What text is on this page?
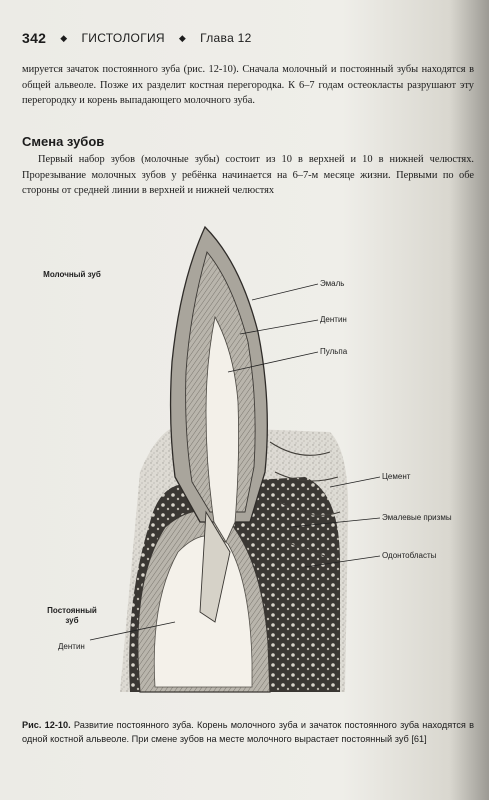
342 ◆ ГИСТОЛОГИЯ ◆ Глава 12
мируется зачаток постоянного зуба (рис. 12-10). Сначала молочный и постоянный зубы находятся в общей альвеоле. Позже их разделит костная перегородка. К 6–7 годам остеокласты разрушают эту перегородку и корень выпадающего молочного зуба.
Смена зубов
Первый набор зубов (молочные зубы) состоит из 10 в верхней и 10 в нижней челюстях. Прорезывание молочных зубов у ребёнка начинается на 6–7-м месяце жизни. Первыми по обе стороны от средней линии в верхней и нижней челюстях
Молочный зуб
Эмаль
Дентин
Пульпа
Цемент
Эмалевые призмы
Одонтобласты
Постоянный зуб
Дентин
Рис. 12-10. Развитие постоянного зуба. Корень молочного зуба и зачаток постоянного зуба находятся в одной костной альвеоле. При смене зубов на месте молочного вырастает постоянный зуб [61]
